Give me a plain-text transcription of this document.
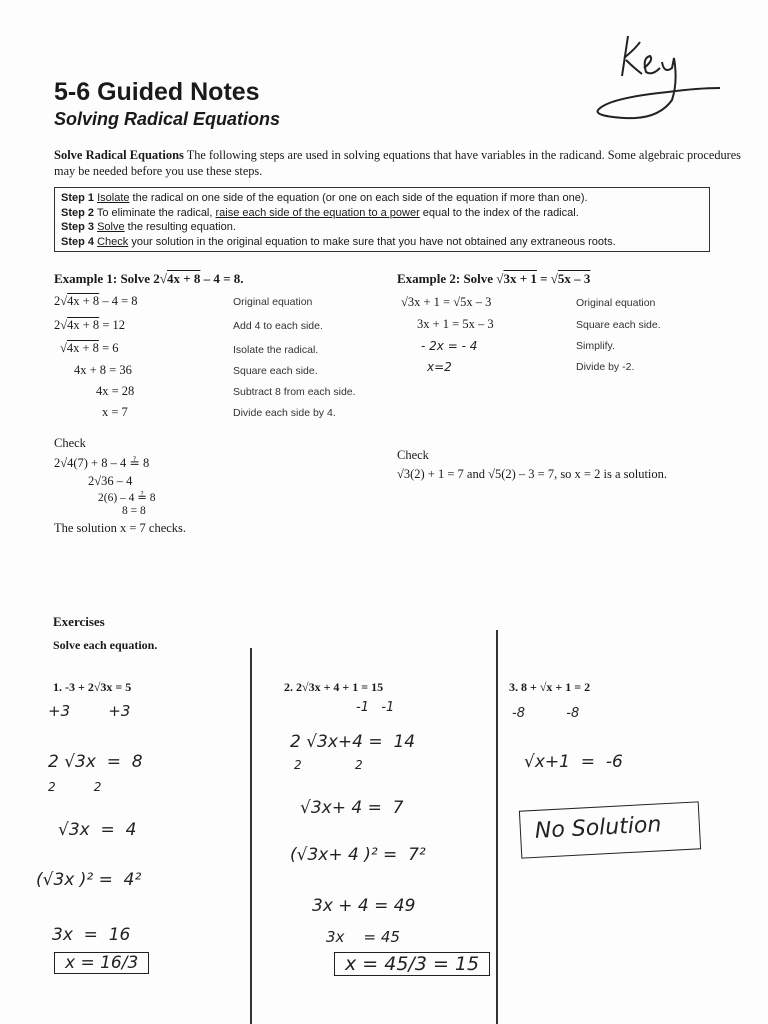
5-6 Guided Notes
Solving Radical Equations
Solve Radical Equations The following steps are used in solving equations that have variables in the radicand. Some algebraic procedures may be needed before you use these steps.
Step 1 Isolate the radical on one side of the equation (or one on each side of the equation if more than one).
Step 2 To eliminate the radical, raise each side of the equation to a power equal to the index of the radical.
Step 3 Solve the resulting equation.
Step 4 Check your solution in the original equation to make sure that you have not obtained any extraneous roots.
Example 1: Solve 2√4x + 8 – 4 = 8.
2√4x + 8 – 4 = 8	Original equation
2√4x + 8 = 12	Add 4 to each side.
√4x + 8 = 6	Isolate the radical.
4x + 8 = 36	Square each side.
4x = 28	Subtract 8 from each side.
x = 7	Divide each side by 4.
Check
2√4(7) + 8 – 4 ≟ 8
2√36 – 4
2(6) – 4 ≟ 8
8 = 8
The solution x = 7 checks.
Example 2: Solve √3x + 1 = √5x – 3
√3x + 1 = √5x – 3	Original equation
3x + 1 = 5x – 3	Square each side.
- 2x = - 4	Simplify.
x=2	Divide by -2.
Check
√3(2) + 1 = 7 and √5(2) – 3 = 7, so x = 2 is a solution.
Exercises
Solve each equation.
1. -3 + 2√3x = 5
+3        +3
2 √3x  =  8
2          2
√3x  =  4
(√3x )² =  4²
3x  =  16
x = 16/3
2. 2√3x + 4 + 1 = 15
-1   -1
2 √3x+4 =  14
2              2
√3x+ 4 =  7
(√3x+ 4 )² =  7²
3x + 4 = 49
3x    = 45
x = 45/3 = 15
3. 8 + √x + 1 = 2
-8          -8
√x+1  =  -6
No Solution
